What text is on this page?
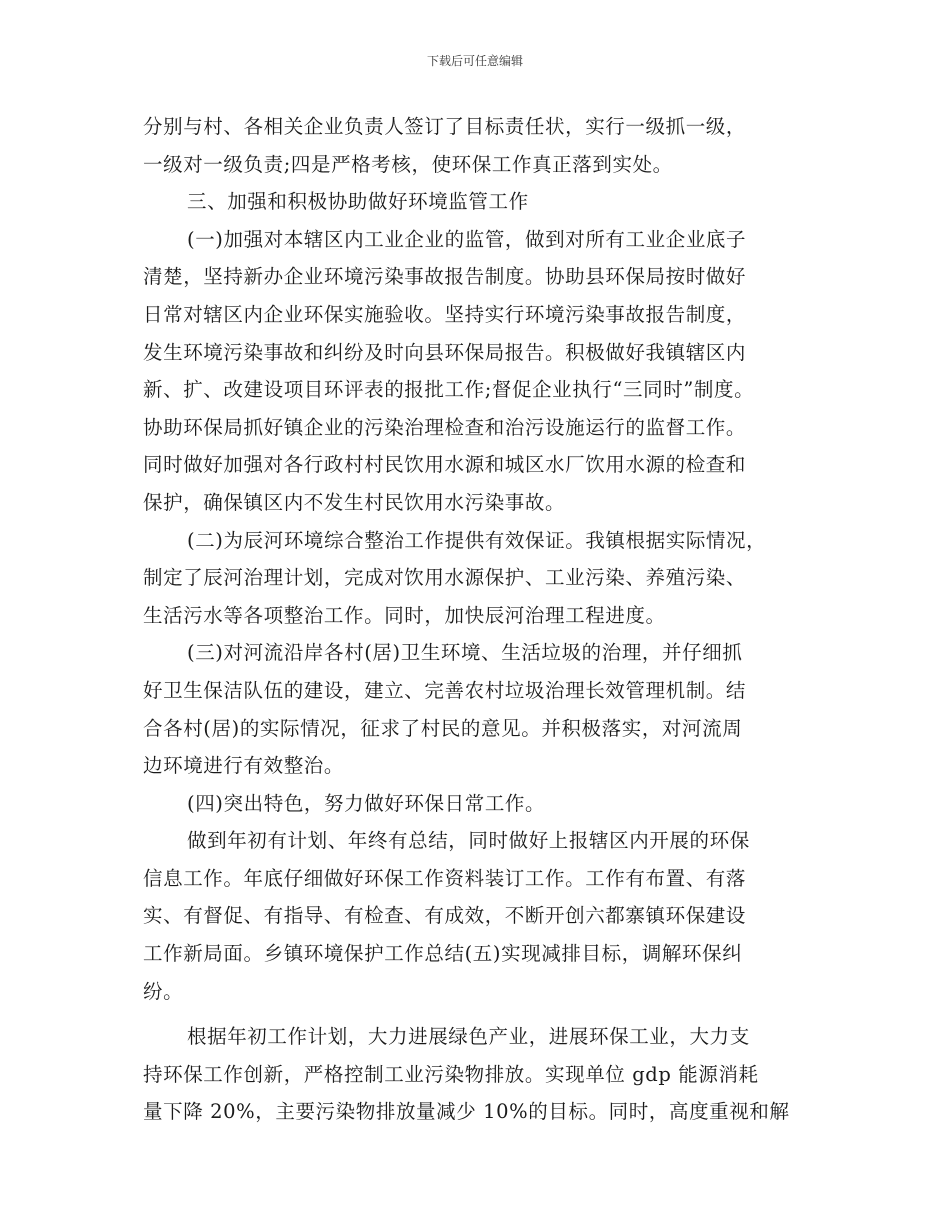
下载后可任意编辑
分别与村、各相关企业负责人签订了目标责任状，实行一级抓一级，
一级对一级负责;四是严格考核，使环保工作真正落到实处。
三、加强和积极协助做好环境监管工作
(一)加强对本辖区内工业企业的监管，做到对所有工业企业底子
清楚，坚持新办企业环境污染事故报告制度。协助县环保局按时做好
日常对辖区内企业环保实施验收。坚持实行环境污染事故报告制度，
发生环境污染事故和纠纷及时向县环保局报告。积极做好我镇辖区内
新、扩、改建设项目环评表的报批工作;督促企业执行“三同时”制度。
协助环保局抓好镇企业的污染治理检查和治污设施运行的监督工作。
同时做好加强对各行政村村民饮用水源和城区水厂饮用水源的检查和
保护，确保镇区内不发生村民饮用水污染事故。
(二)为辰河环境综合整治工作提供有效保证。我镇根据实际情况，
制定了辰河治理计划，完成对饮用水源保护、工业污染、养殖污染、
生活污水等各项整治工作。同时，加快辰河治理工程进度。
(三)对河流沿岸各村(居)卫生环境、生活垃圾的治理，并仔细抓
好卫生保洁队伍的建设，建立、完善农村垃圾治理长效管理机制。结
合各村(居)的实际情况，征求了村民的意见。并积极落实，对河流周
边环境进行有效整治。
(四)突出特色，努力做好环保日常工作。
做到年初有计划、年终有总结，同时做好上报辖区内开展的环保
信息工作。年底仔细做好环保工作资料装订工作。工作有布置、有落
实、有督促、有指导、有检查、有成效，不断开创六都寨镇环保建设
工作新局面。乡镇环境保护工作总结(五)实现减排目标，调解环保纠
纷。
根据年初工作计划，大力进展绿色产业，进展环保工业，大力支
持环保工作创新，严格控制工业污染物排放。实现单位 gdp 能源消耗
量下降 20%，主要污染物排放量减少 10%的目标。同时，高度重视和解
